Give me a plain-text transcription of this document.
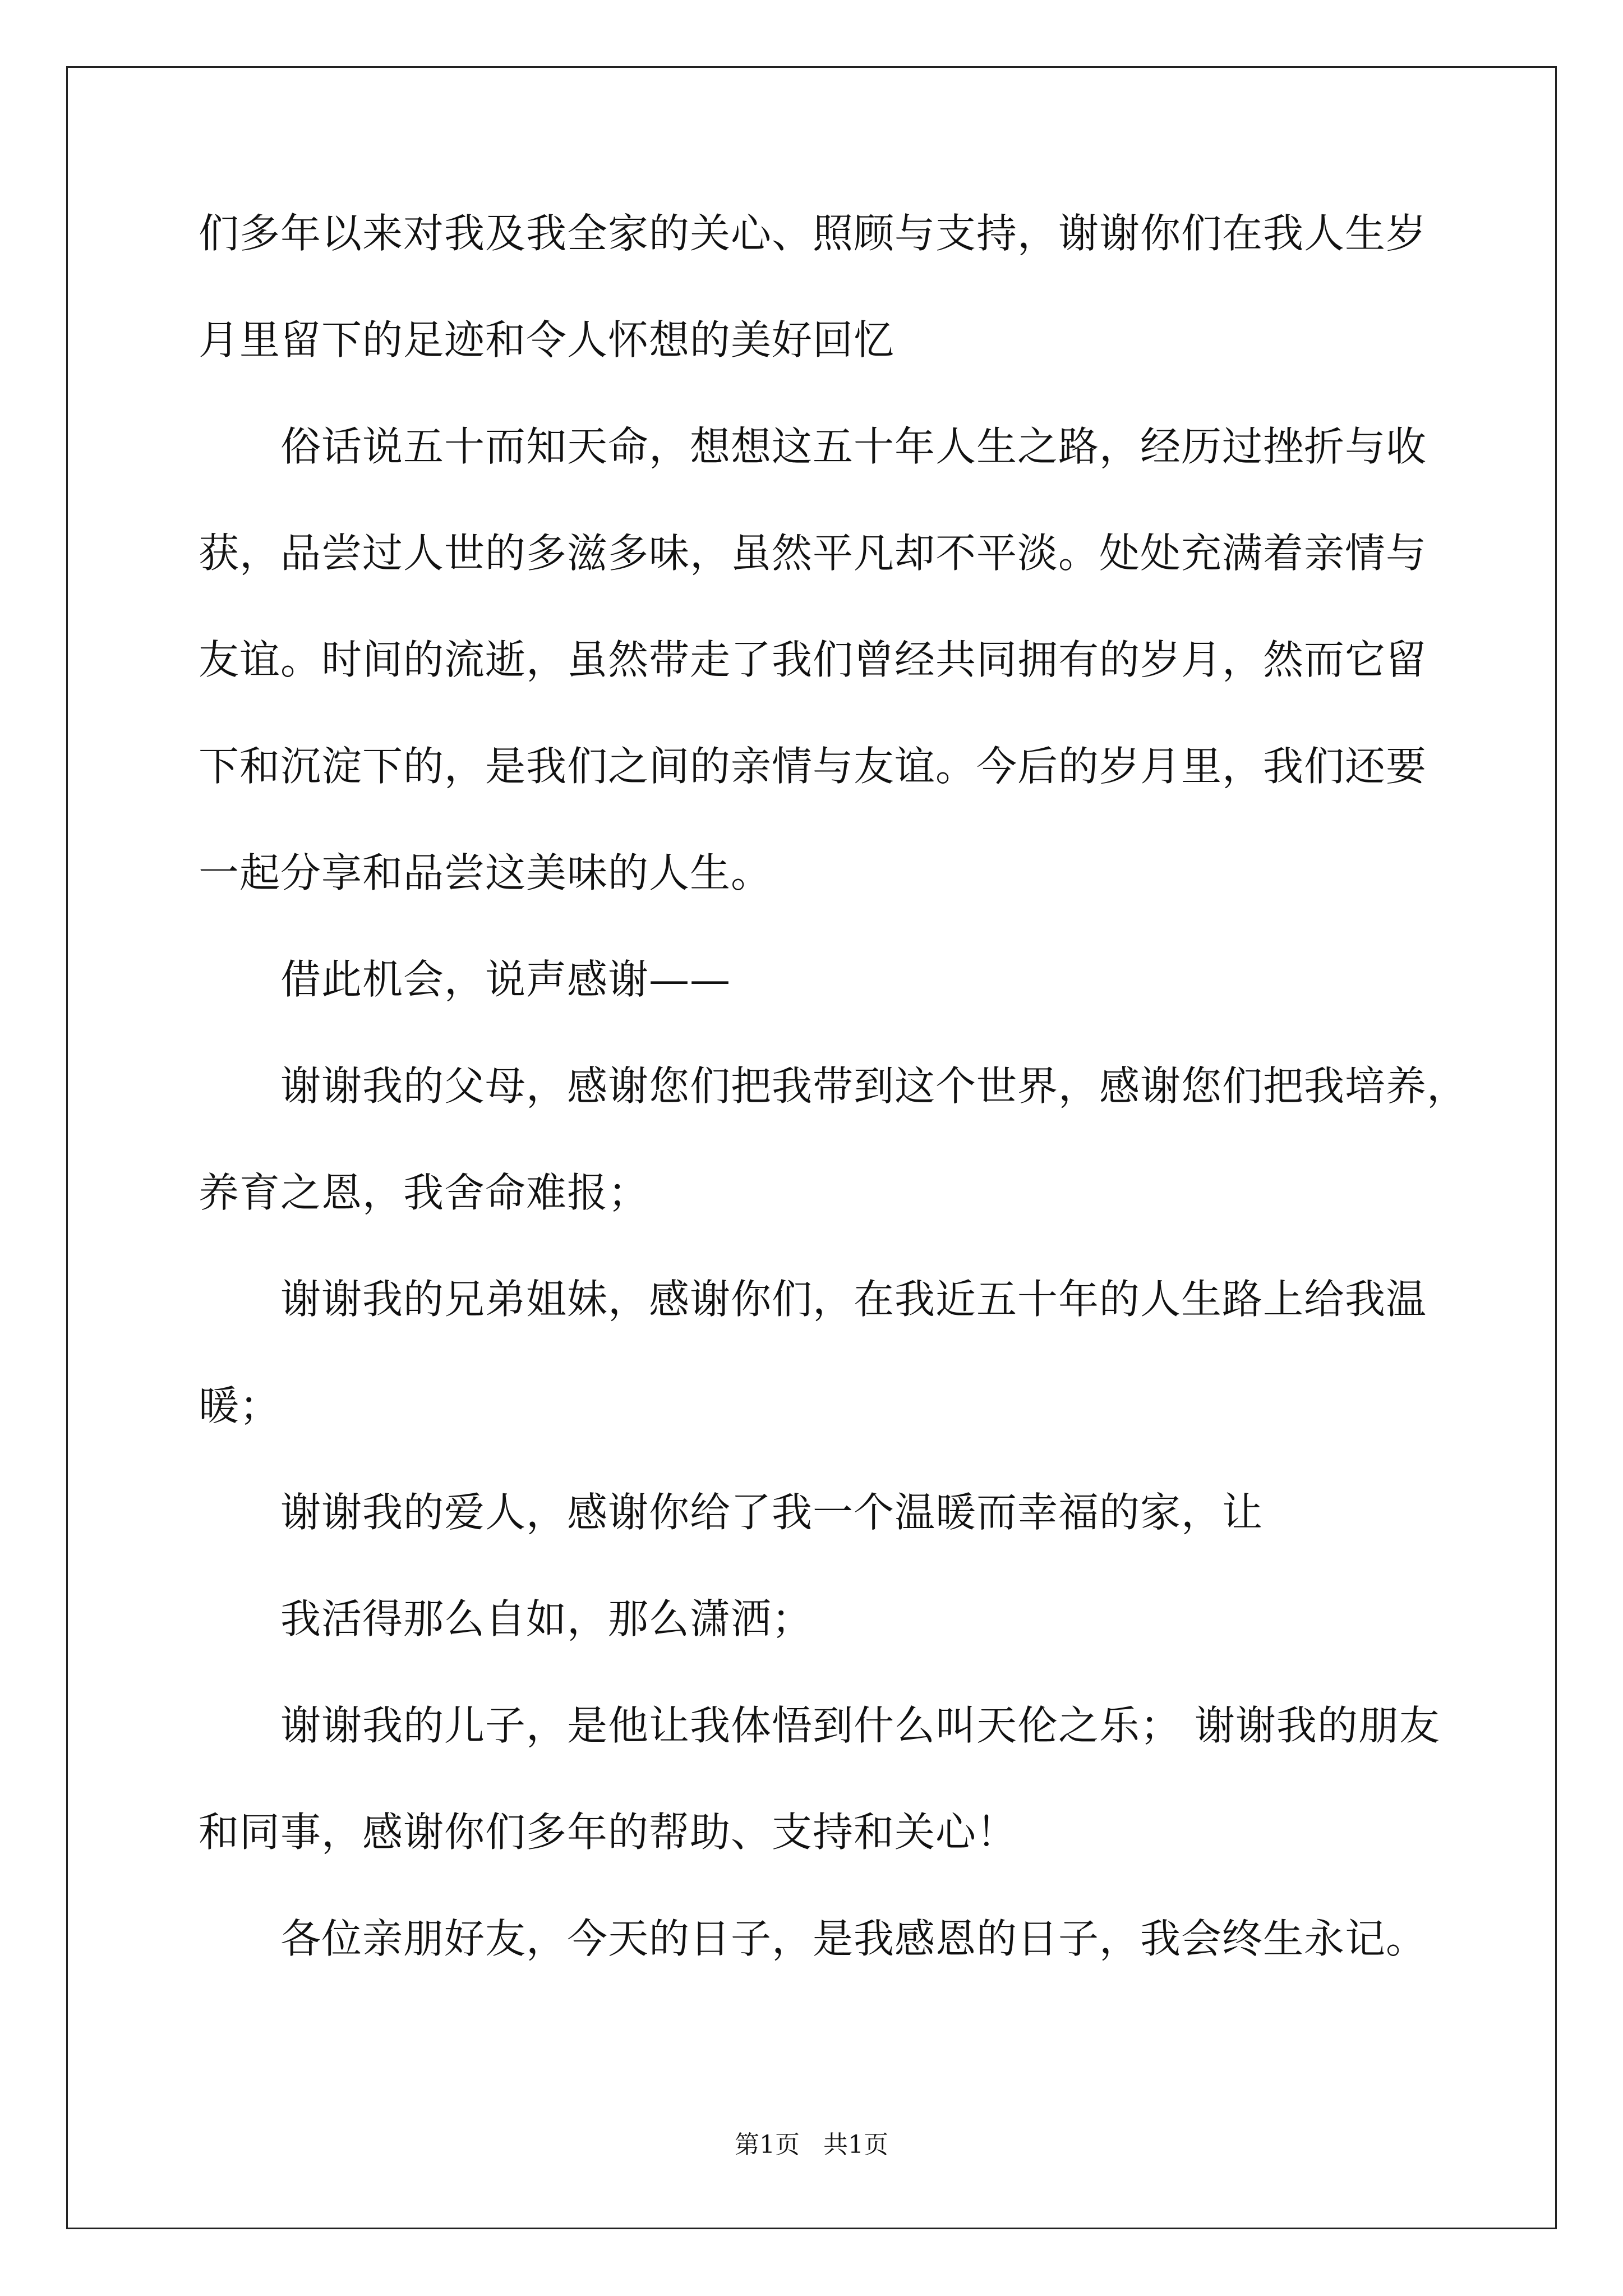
们多年以来对我及我全家的关心、照顾与支持，谢谢你们在我人生岁
月里留下的足迹和令人怀想的美好回忆
俗话说五十而知天命，想想这五十年人生之路，经历过挫折与收
获，品尝过人世的多滋多味，虽然平凡却不平淡。处处充满着亲情与
友谊。时间的流逝，虽然带走了我们曾经共同拥有的岁月，然而它留
下和沉淀下的，是我们之间的亲情与友谊。今后的岁月里，我们还要
一起分享和品尝这美味的人生。
借此机会，说声感谢——
谢谢我的父母，感谢您们把我带到这个世界，感谢您们把我培养，
养育之恩，我舍命难报；
谢谢我的兄弟姐妹，感谢你们，在我近五十年的人生路上给我温
暖；
谢谢我的爱人，感谢你给了我一个温暖而幸福的家，让
我活得那么自如，那么潇洒；
谢谢我的儿子，是他让我体悟到什么叫天伦之乐； 谢谢我的朋友
和同事，感谢你们多年的帮助、支持和关心！
各位亲朋好友，今天的日子，是我感恩的日子，我会终生永记。
第1页   共1页
